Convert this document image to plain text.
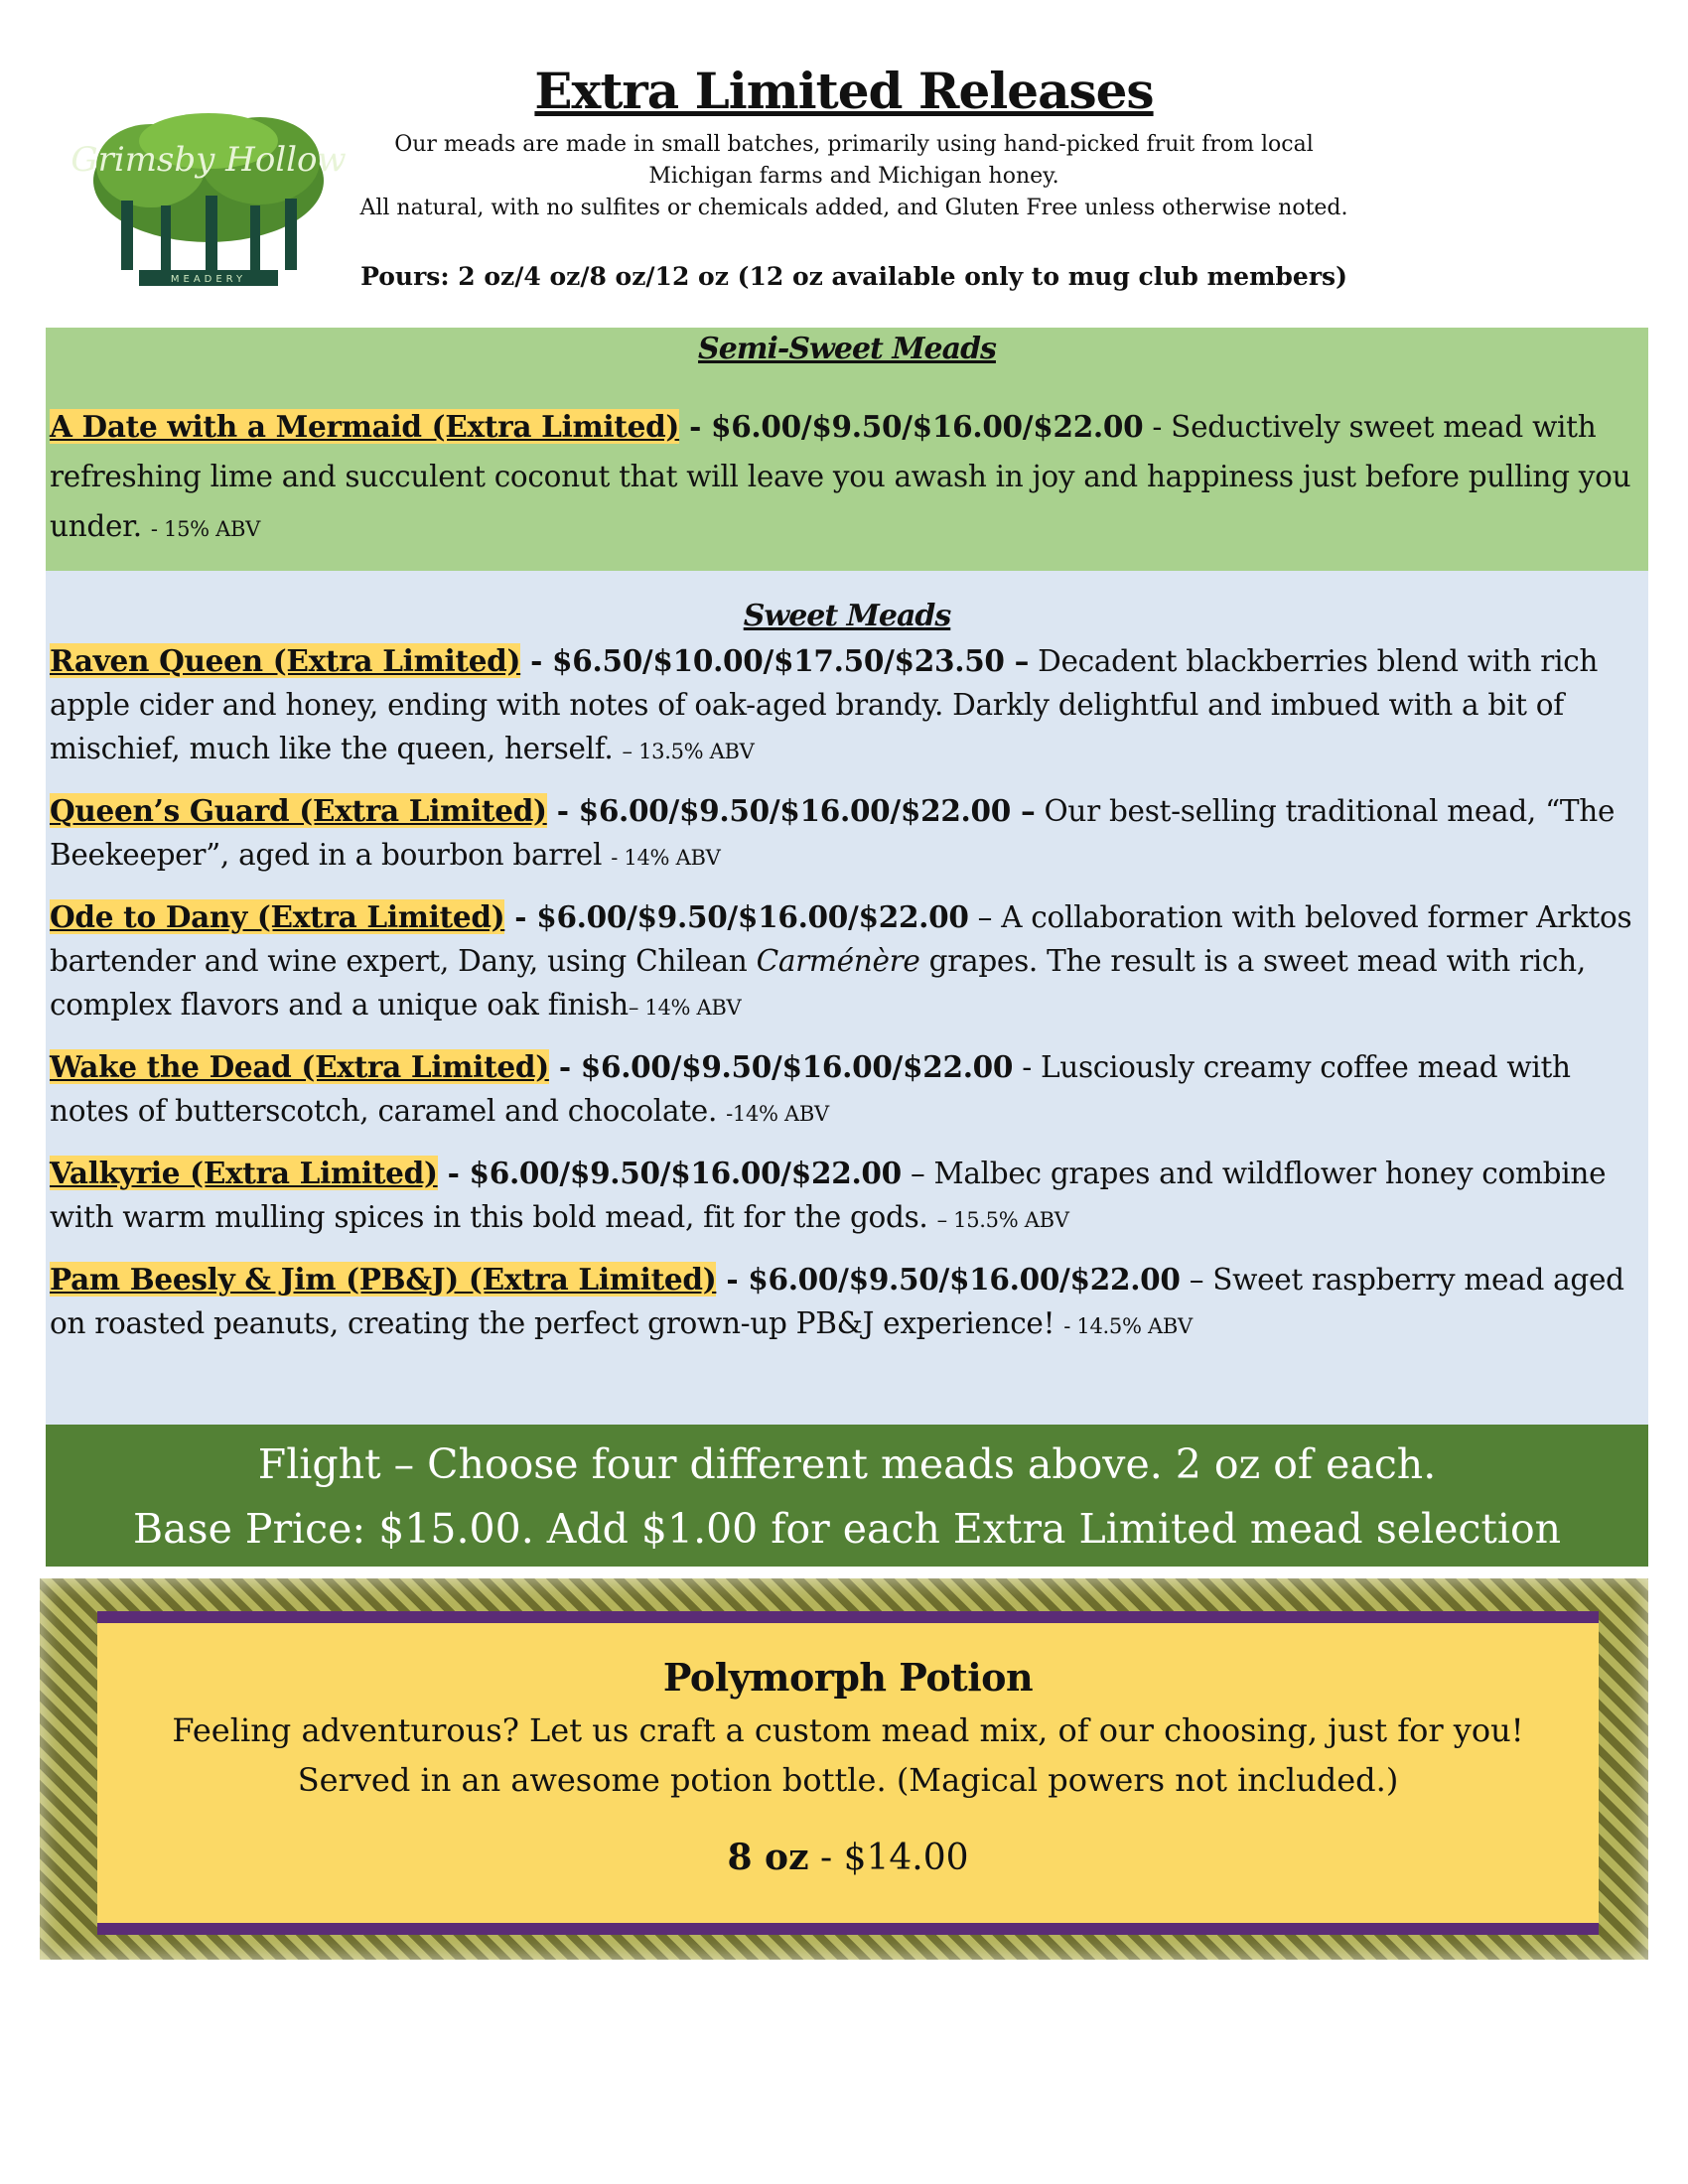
Grimsby Hollow
MEADERY
Extra Limited Releases
Our meads are made in small batches, primarily using hand-picked fruit from local
Michigan farms and Michigan honey.
All natural, with no sulfites or chemicals added, and Gluten Free unless otherwise noted.
Pours: 2 oz/4 oz/8 oz/12 oz (12 oz available only to mug club members)
Semi-Sweet Meads
A Date with a Mermaid (Extra Limited) - $6.00/$9.50/$16.00/$22.00 - Seductively sweet mead with refreshing lime and succulent coconut that will leave you awash in joy and happiness just before pulling you under. - 15% ABV
Sweet Meads
Raven Queen (Extra Limited) - $6.50/$10.00/$17.50/$23.50 – Decadent blackberries blend with rich apple cider and honey, ending with notes of oak-aged brandy. Darkly delightful and imbued with a bit of mischief, much like the queen, herself. – 13.5% ABV
Queen’s Guard (Extra Limited) - $6.00/$9.50/$16.00/$22.00 – Our best-selling traditional mead, “The Beekeeper”, aged in a bourbon barrel - 14% ABV
Ode to Dany (Extra Limited) - $6.00/$9.50/$16.00/$22.00 – A collaboration with beloved former Arktos bartender and wine expert, Dany, using Chilean Carménère grapes. The result is a sweet mead with rich, complex flavors and a unique oak finish– 14% ABV
Wake the Dead (Extra Limited) - $6.00/$9.50/$16.00/$22.00 - Lusciously creamy coffee mead with notes of butterscotch, caramel and chocolate. -14% ABV
Valkyrie (Extra Limited) - $6.00/$9.50/$16.00/$22.00 – Malbec grapes and wildflower honey combine with warm mulling spices in this bold mead, fit for the gods. – 15.5% ABV
Pam Beesly & Jim (PB&J) (Extra Limited) - $6.00/$9.50/$16.00/$22.00 – Sweet raspberry mead aged on roasted peanuts, creating the perfect grown-up PB&J experience! - 14.5% ABV
Flight – Choose four different meads above. 2 oz of each.
Base Price: $15.00. Add $1.00 for each Extra Limited mead selection
Polymorph Potion
Feeling adventurous? Let us craft a custom mead mix, of our choosing, just for you!
Served in an awesome potion bottle. (Magical powers not included.)
8 oz - $14.00
